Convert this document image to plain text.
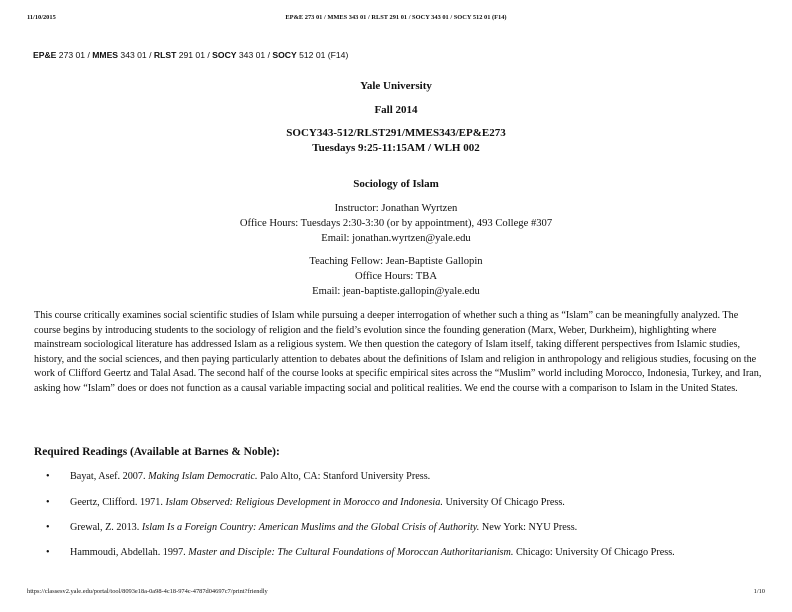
11/10/2015	EP&E 273 01 / MMES 343 01 / RLST 291 01 / SOCY 343 01 / SOCY 512 01 (F14)
EP&E 273 01 / MMES 343 01 / RLST 291 01 / SOCY 343 01 / SOCY 512 01 (F14)
Yale University
Fall 2014
SOCY343-512/RLST291/MMES343/EP&E273
Tuesdays 9:25-11:15AM / WLH 002
Sociology of Islam
Instructor: Jonathan Wyrtzen
Office Hours: Tuesdays 2:30-3:30 (or by appointment), 493 College #307
Email: jonathan.wyrtzen@yale.edu
Teaching Fellow: Jean-Baptiste Gallopin
Office Hours: TBA
Email: jean-baptiste.gallopin@yale.edu

This course critically examines social scientific studies of Islam while pursuing a deeper interrogation of whether such a thing as “Islam” can be meaningfully analyzed. The course begins by introducing students to the sociology of religion and the field’s evolution since the founding generation (Marx, Weber, Durkheim), highlighting where mainstream sociological literature has addressed Islam as a religious system. We then question the category of Islam itself, taking different perspectives from Islamic studies, history, and the social sciences, and then paying particularly attention to debates about the definitions of Islam and religion in anthropology and religious studies, focusing on the work of Clifford Geertz and Talal Asad. The second half of the course looks at specific empirical sites across the “Muslim” world including Morocco, Indonesia, Turkey, and Iran, asking how “Islam” does or does not function as a causal variable impacting social and political realities. We end the course with a comparison to Islam in the United States.

Required Readings (Available at Barnes & Noble):
• Bayat, Asef. 2007. Making Islam Democratic. Palo Alto, CA: Stanford University Press.
• Geertz, Clifford. 1971. Islam Observed: Religious Development in Morocco and Indonesia. University Of Chicago Press.
• Grewal, Z. 2013. Islam Is a Foreign Country: American Muslims and the Global Crisis of Authority. New York: NYU Press.
• Hammoudi, Abdellah. 1997. Master and Disciple: The Cultural Foundations of Moroccan Authoritarianism. Chicago: University Of Chicago Press.
https://classesv2.yale.edu/portal/tool/8093e18a-0a98-4c18-974c-4787d04697c7/print?friendly	1/10
